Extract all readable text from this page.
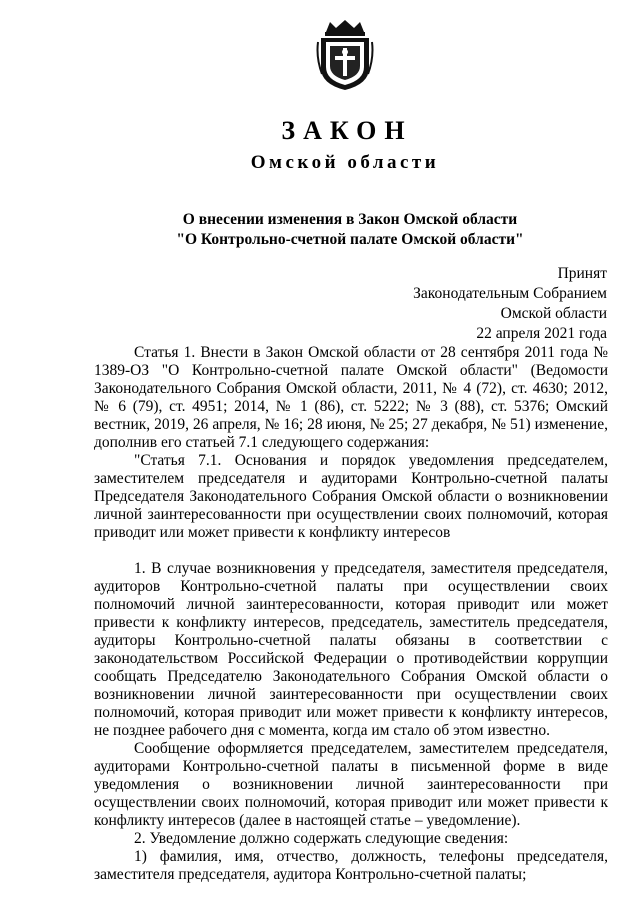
ЗАКОН
Омской области
О внесении изменения в Закон Омской области
"О Контрольно-счетной палате Омской области"
Принят
Законодательным Собранием
Омской области
22 апреля 2021 года

Статья 1. Внести в Закон Омской области от 28 сентября 2011 года № 1389-ОЗ "О Контрольно-счетной палате Омской области" (Ведомости Законодательного Собрания Омской области, 2011, № 4 (72), ст. 4630; 2012, № 6 (79), ст. 4951; 2014, № 1 (86), ст. 5222; № 3 (88), ст. 5376; Омский вестник, 2019, 26 апреля, № 16; 28 июня, № 25; 27 декабря, № 51) изменение, дополнив его статьей 7.1 следующего содержания:

"Статья 7.1. Основания и порядок уведомления председателем, заместителем председателя и аудиторами Контрольно-счетной палаты Председателя Законодательного Собрания Омской области о возникновении личной заинтересованности при осуществлении своих полномочий, которая приводит или может привести к конфликту интересов

1. В случае возникновения у председателя, заместителя председателя, аудиторов Контрольно-счетной палаты при осуществлении своих полномочий личной заинтересованности, которая приводит или может привести к конфликту интересов, председатель, заместитель председателя, аудиторы Контрольно-счетной палаты обязаны в соответствии с законодательством Российской Федерации о противодействии коррупции сообщать Председателю Законодательного Собрания Омской области о возникновении личной заинтересованности при осуществлении своих полномочий, которая приводит или может привести к конфликту интересов, не позднее рабочего дня с момента, когда им стало об этом известно.

Сообщение оформляется председателем, заместителем председателя, аудиторами Контрольно-счетной палаты в письменной форме в виде уведомления о возникновении личной заинтересованности при осуществлении своих полномочий, которая приводит или может привести к конфликту интересов (далее в настоящей статье – уведомление).

2. Уведомление должно содержать следующие сведения:

1) фамилия, имя, отчество, должность, телефоны председателя, заместителя председателя, аудитора Контрольно-счетной палаты;
